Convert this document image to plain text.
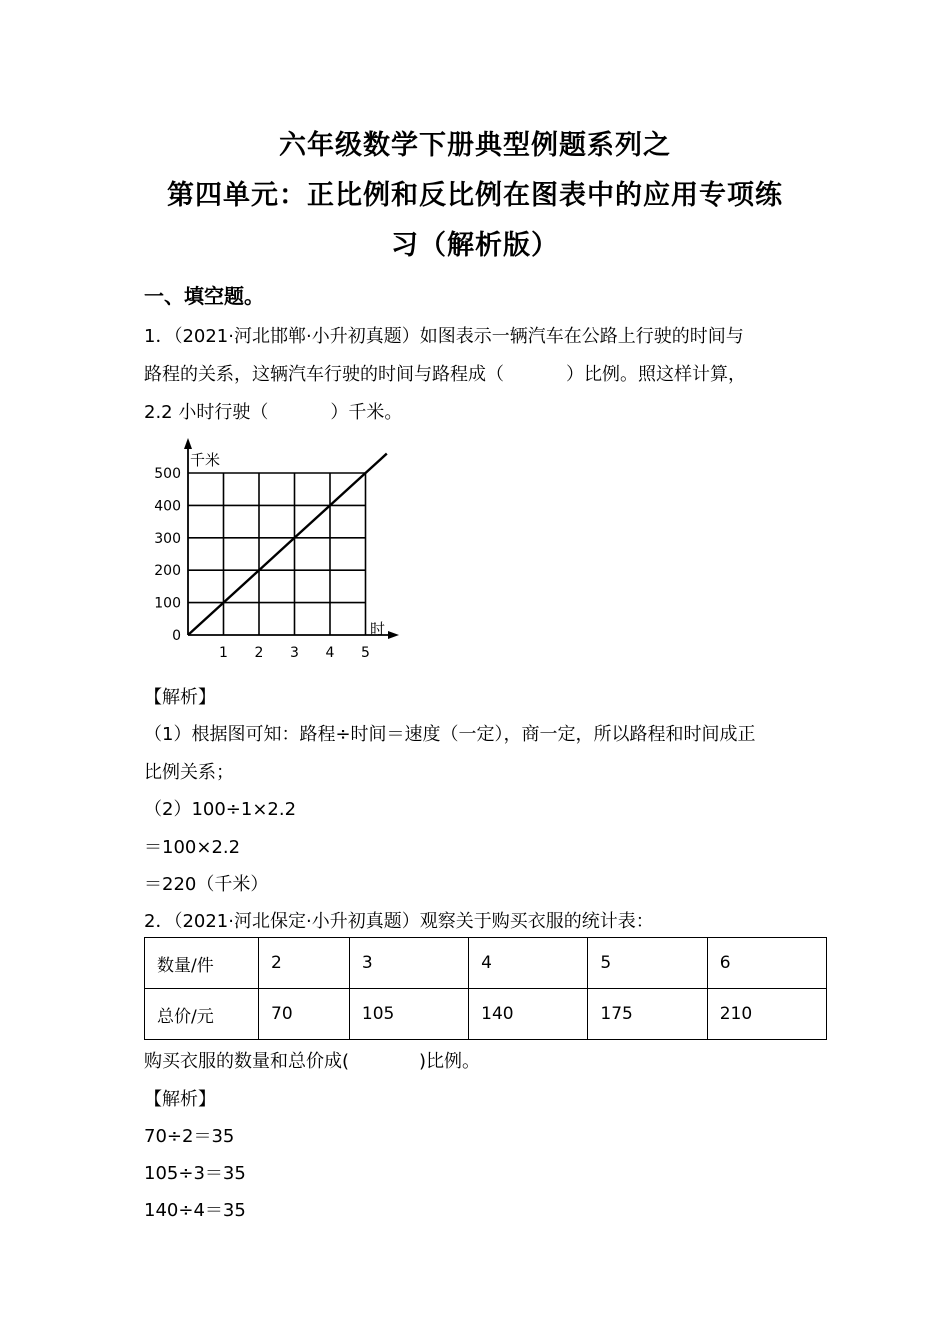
六年级数学下册典型例题系列之
第四单元：正比例和反比例在图表中的应用专项练
习（解析版）
一、填空题。
1．（2021·河北邯郸·小升初真题）如图表示一辆汽车在公路上行驶的时间与
路程的关系，这辆汽车行驶的时间与路程成（	）比例。照这样计算，
2.2 小时行驶（	）千米。
1 2 3 4 5
0
100
200
300
400
500
千米
时
【解析】
（1）根据图可知：路程÷时间＝速度（一定），商一定，所以路程和时间成正
比例关系；
（2）100÷1×2.2
＝100×2.2
＝220（千米）
2．（2021·河北保定·小升初真题）观察关于购买衣服的统计表：
数量/件	2	3	4	5	6
总价/元	70	105	140	175	210
购买衣服的数量和总价成(	)比例。
【解析】
70÷2＝35
105÷3＝35
140÷4＝35
